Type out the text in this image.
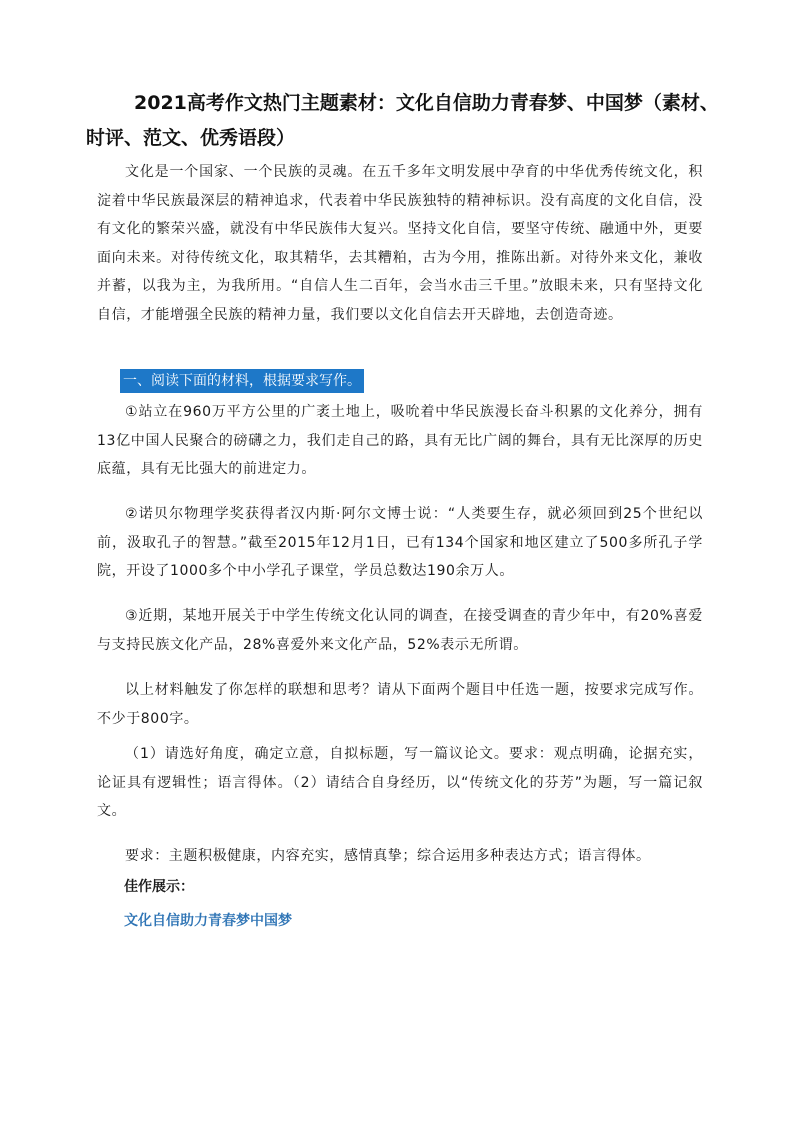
2021高考作文热门主题素材：文化自信助力青春梦、中国梦（素材、时评、范文、优秀语段）

文化是一个国家、一个民族的灵魂。在五千多年文明发展中孕育的中华优秀传统文化，积淀着中华民族最深层的精神追求，代表着中华民族独特的精神标识。没有高度的文化自信，没有文化的繁荣兴盛，就没有中华民族伟大复兴。坚持文化自信，要坚守传统、融通中外，更要面向未来。对待传统文化，取其精华，去其糟粕，古为今用，推陈出新。对待外来文化，兼收并蓄，以我为主，为我所用。“自信人生二百年，会当水击三千里。”放眼未来，只有坚持文化自信，才能增强全民族的精神力量，我们要以文化自信去开天辟地，去创造奇迹。

一、阅读下面的材料，根据要求写作。

①站立在960万平方公里的广袤土地上，吸吮着中华民族漫长奋斗积累的文化养分，拥有13亿中国人民聚合的磅礴之力，我们走自己的路，具有无比广阔的舞台，具有无比深厚的历史底蕴，具有无比强大的前进定力。

②诺贝尔物理学奖获得者汉内斯·阿尔文博士说：“人类要生存，就必须回到25个世纪以前，汲取孔子的智慧。”截至2015年12月1日，已有134个国家和地区建立了500多所孔子学院，开设了1000多个中小学孔子课堂，学员总数达190余万人。

③近期，某地开展关于中学生传统文化认同的调查，在接受调查的青少年中，有20%喜爱与支持民族文化产品，28%喜爱外来文化产品，52%表示无所谓。

以上材料触发了你怎样的联想和思考？请从下面两个题目中任选一题，按要求完成写作。不少于800字。

（1）请选好角度，确定立意，自拟标题，写一篇议论文。要求：观点明确，论据充实，论证具有逻辑性；语言得体。（2）请结合自身经历，以“传统文化的芬芳”为题，写一篇记叙文。

要求：主题积极健康，内容充实，感情真挚；综合运用多种表达方式；语言得体。

佳作展示：
文化自信助力青春梦中国梦
